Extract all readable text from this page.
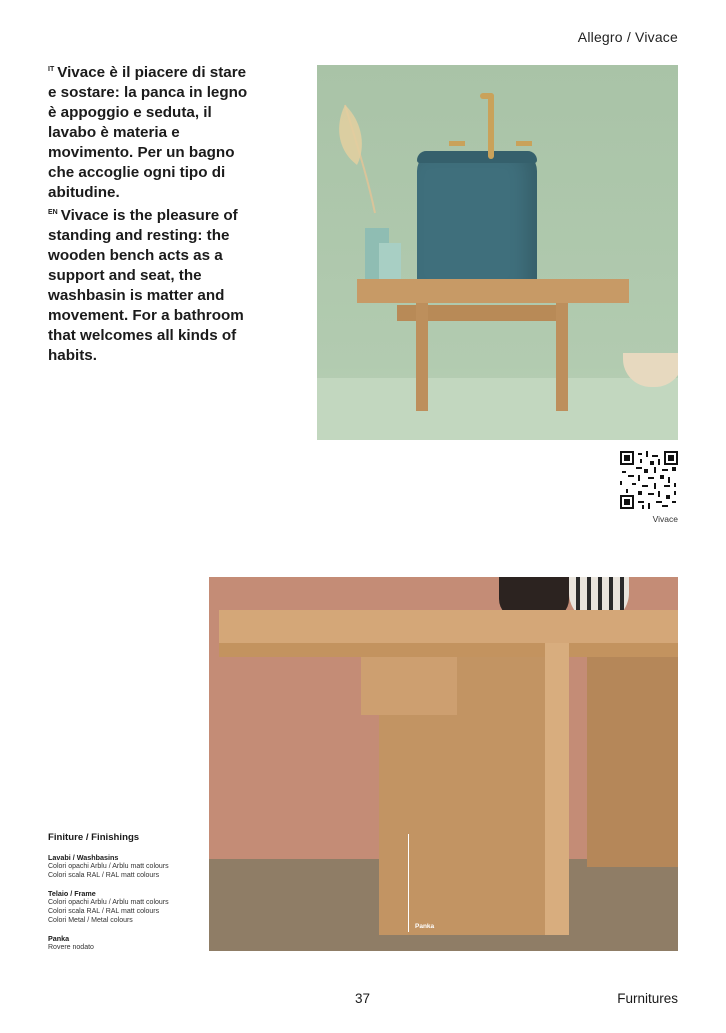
Allegro / Vivace

$^{IT}$ Vivace è il piacere di stare e sostare: la panca in legno è appoggio e seduta, il lavabo è materia e movimento. Per un bagno che accoglie ogni tipo di abitudine.

$^{EN}$ Vivace is the pleasure of standing and resting: the wooden bench acts as a support and seat, the washbasin is matter and movement. For a bathroom that welcomes all kinds of habits.

Vivace
Panka
Finiture / Finishings
Lavabi / Washbasins
Colori opachi Arblu / Arblu matt colours
Colori scala RAL / RAL matt colours
Telaio / Frame
Colori opachi Arblu / Arblu matt colours
Colori scala RAL / RAL matt colours
Colori Metal / Metal colours
Panka
Rovere nodato
37	Furnitures
